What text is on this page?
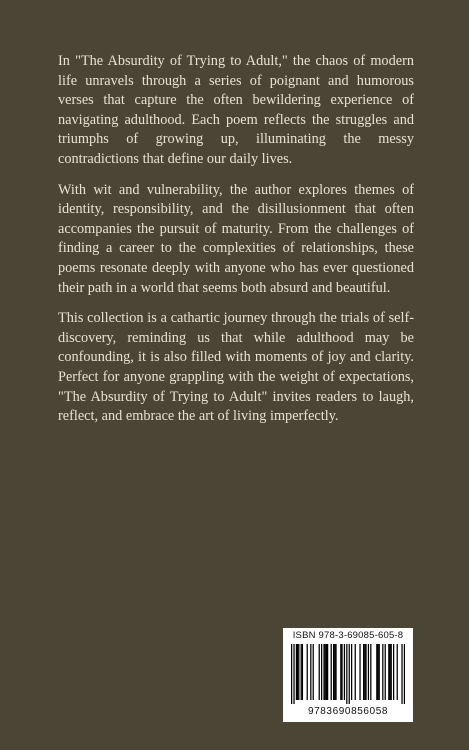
In "The Absurdity of Trying to Adult," the chaos of modern life unravels through a series of poignant and humorous verses that capture the often bewildering experience of navigating adulthood. Each poem reflects the struggles and triumphs of growing up, illuminating the messy contradictions that define our daily lives.

With wit and vulnerability, the author explores themes of identity, responsibility, and the disillusionment that often accompanies the pursuit of maturity. From the challenges of finding a career to the complexities of relationships, these poems resonate deeply with anyone who has ever questioned their path in a world that seems both absurd and beautiful.

This collection is a cathartic journey through the trials of self-discovery, reminding us that while adulthood may be confounding, it is also filled with moments of joy and clarity. Perfect for anyone grappling with the weight of expectations, "The Absurdity of Trying to Adult" invites readers to laugh, reflect, and embrace the art of living imperfectly.

ISBN 978-3-69085-605-8
9783690856058
